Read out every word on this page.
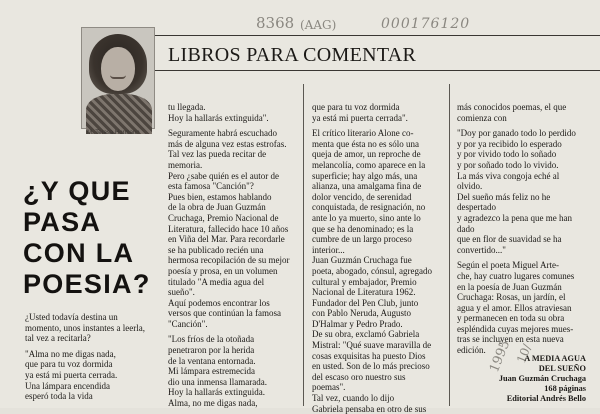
8368 (AAG)	000176120
1995 10/
LIBROS PARA COMENTAR
M. Teresa Hormann
¿Y QUE
PASA
CON LA
POESIA?
¿Usted todavía destina un
momento, unos instantes a leerla,
tal vez a recitarla?
"Alma no me digas nada,
que para tu voz dormida
ya está mi puerta cerrada.
Una lámpara encendida
esperó toda la vida
tu llegada.
Hoy la hallarás extinguida".
Seguramente habrá escuchado
más de alguna vez estas estrofas.
Tal vez las pueda recitar de
memoria.
Pero ¿sabe quién es el autor de
esta famosa "Canción"?
Pues bien, estamos hablando
de la obra de Juan Guzmán
Cruchaga, Premio Nacional de
Literatura, fallecido hace 10 años
en Viña del Mar. Para recordarle
se ha publicado recién una
hermosa recopilación de su mejor
poesía y prosa, en un volumen
titulado "A media agua del
sueño".
Aquí podemos encontrar los
versos que continúan la famosa
"Canción".
"Los fríos de la otoñada
penetraron por la herida
de la ventana entornada.
Mi lámpara estremecida
dio una inmensa llamarada.
Hoy la hallarás extinguida.
Alma, no me digas nada,
que para tu voz dormida
ya está mi puerta cerrada".
El crítico literario Alone co-
menta que ésta no es sólo una
queja de amor, un reproche de
melancolía, como aparece en la
superficie; hay algo más, una
alianza, una amalgama fina de
dolor vencido, de serenidad
conquistada, de resignación, no
ante lo ya muerto, sino ante lo
que se ha denominado; es la
cumbre de un largo proceso
interior...
Juan Guzmán Cruchaga fue
poeta, abogado, cónsul, agregado
cultural y embajador, Premio
Nacional de Literatura 1962.
Fundador del Pen Club, junto
con Pablo Neruda, Augusto
D'Halmar y Pedro Prado.
De su obra, exclamó Gabriela
Mistral: "Qué suave maravilla de
cosas exquisitas ha puesto Dios
en usted. Son de lo más precioso
del escaso oro nuestro sus
poemas".
Tal vez, cuando lo dijo
Gabriela pensaba en otro de sus
más conocidos poemas, el que
comienza con
"Doy por ganado todo lo perdido
y por ya recibido lo esperado
y por vivido todo lo soñado
y por soñado todo lo vivido.
La más viva congoja eché al
olvido.
Del sueño más feliz no he
despertado
y agradezco la pena que me han
dado
que en flor de suavidad se ha
convertido..."
Según el poeta Miguel Arte-
che, hay cuatro lugares comunes
en la poesía de Juan Guzmán
Cruchaga: Rosas, un jardín, el
agua y el amor. Ellos atraviesan
y permanecen en toda su obra
espléndida cuyas mejores mues-
tras se incluyen en esta nueva
edición.
A MEDIA AGUA
DEL SUEÑO
Juan Guzmán Cruchaga
168 páginas
Editorial Andrés Bello
